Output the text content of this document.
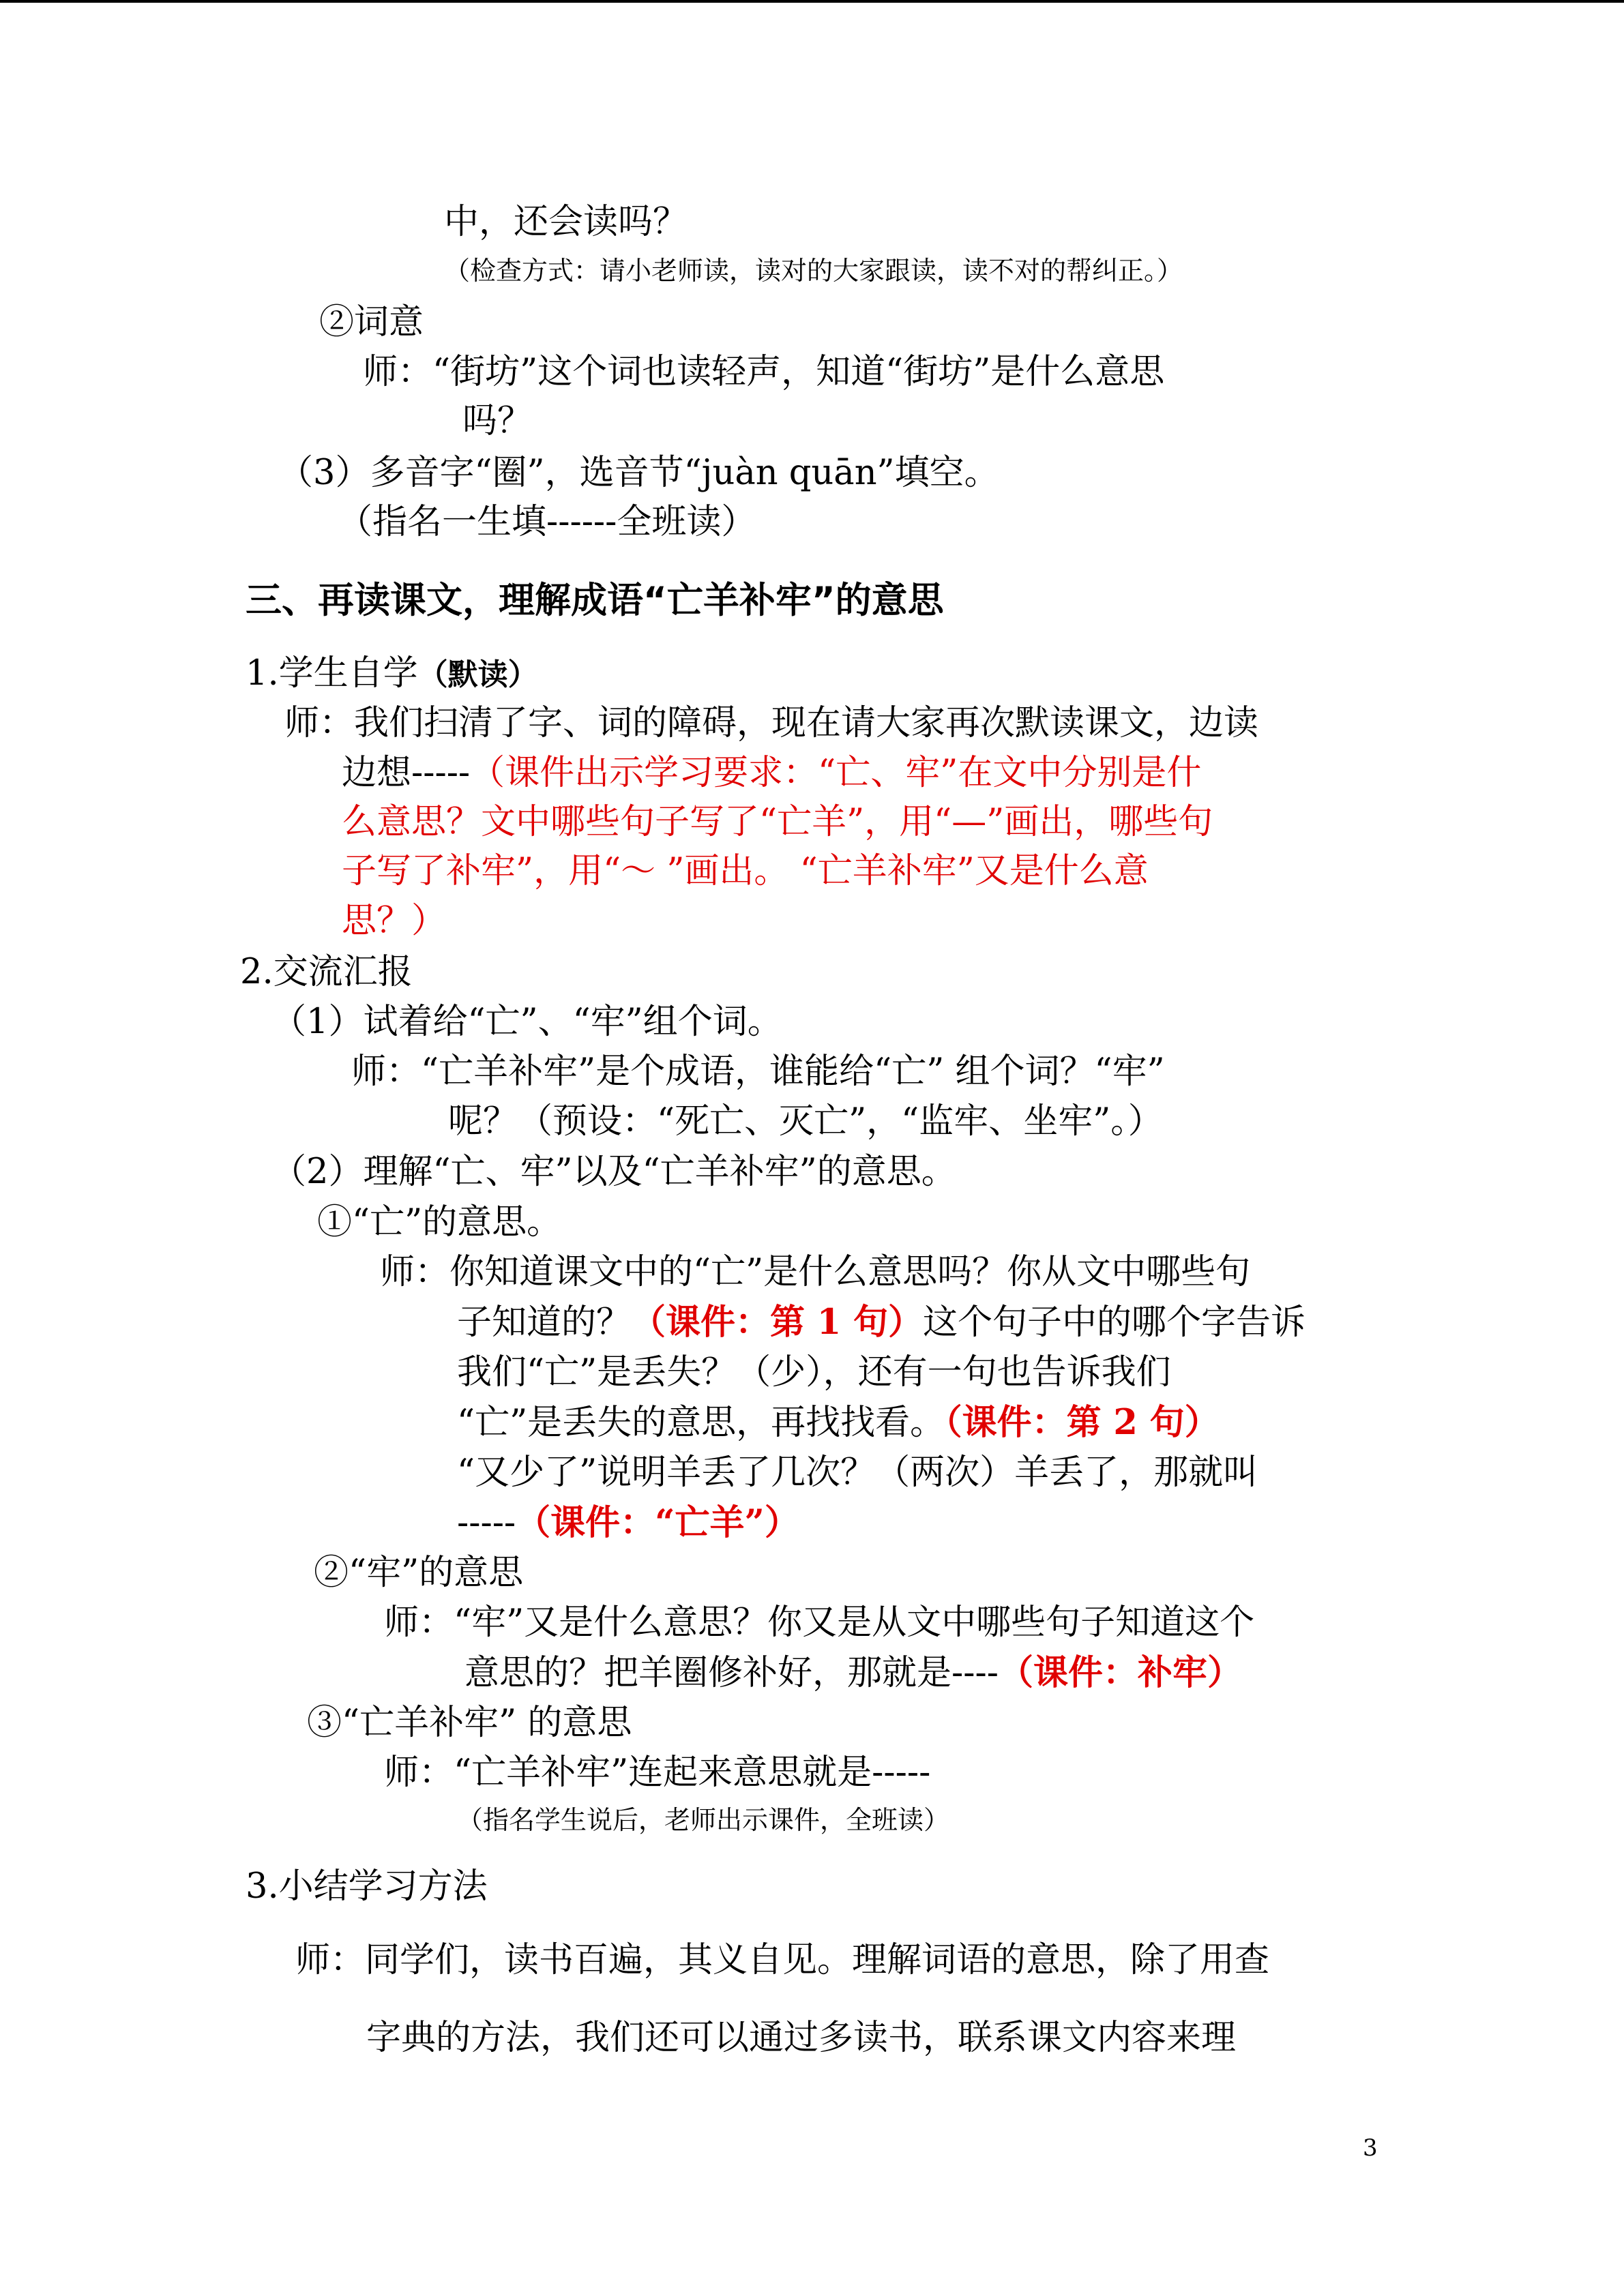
中，还会读吗？
（检查方式：请小老师读，读对的大家跟读，读不对的帮纠正。）
②词意
师：“街坊”这个词也读轻声，知道“街坊”是什么意思
吗？
（3）多音字“圈”，选音节“juàn quān”填空。
（指名一生填------全班读）
三、再读课文，理解成语“亡羊补牢”的意思
1.学生自学（默读）
师：我们扫清了字、词的障碍，现在请大家再次默读课文，边读
边想-----（课件出示学习要求：“亡、牢”在文中分别是什
么意思？文中哪些句子写了“亡羊”，用“—”画出，哪些句
子写了补牢”，用“～ ”画出。 “亡羊补牢”又是什么意
思？）
2.交流汇报
（1）试着给“亡”、“牢”组个词。
师：“亡羊补牢”是个成语，谁能给“亡” 组个词？“牢”
呢？（预设：“死亡、灭亡”，“监牢、坐牢”。）
（2）理解“亡、牢”以及“亡羊补牢”的意思。
①“亡”的意思。
师：你知道课文中的“亡”是什么意思吗？你从文中哪些句
子知道的？（课件：第 1 句）这个句子中的哪个字告诉
我们“亡”是丢失？（少），还有一句也告诉我们
“亡”是丢失的意思，再找找看。（课件：第 2 句）
“又少了”说明羊丢了几次？（两次）羊丢了，那就叫
-----（课件：“亡羊”）
②“牢”的意思
师：“牢”又是什么意思？你又是从文中哪些句子知道这个
意思的？把羊圈修补好，那就是----（课件：补牢）
③“亡羊补牢” 的意思
师：“亡羊补牢”连起来意思就是-----
（指名学生说后，老师出示课件，全班读）
3.小结学习方法
师：同学们，读书百遍，其义自见。理解词语的意思，除了用查
字典的方法，我们还可以通过多读书，联系课文内容来理
3
